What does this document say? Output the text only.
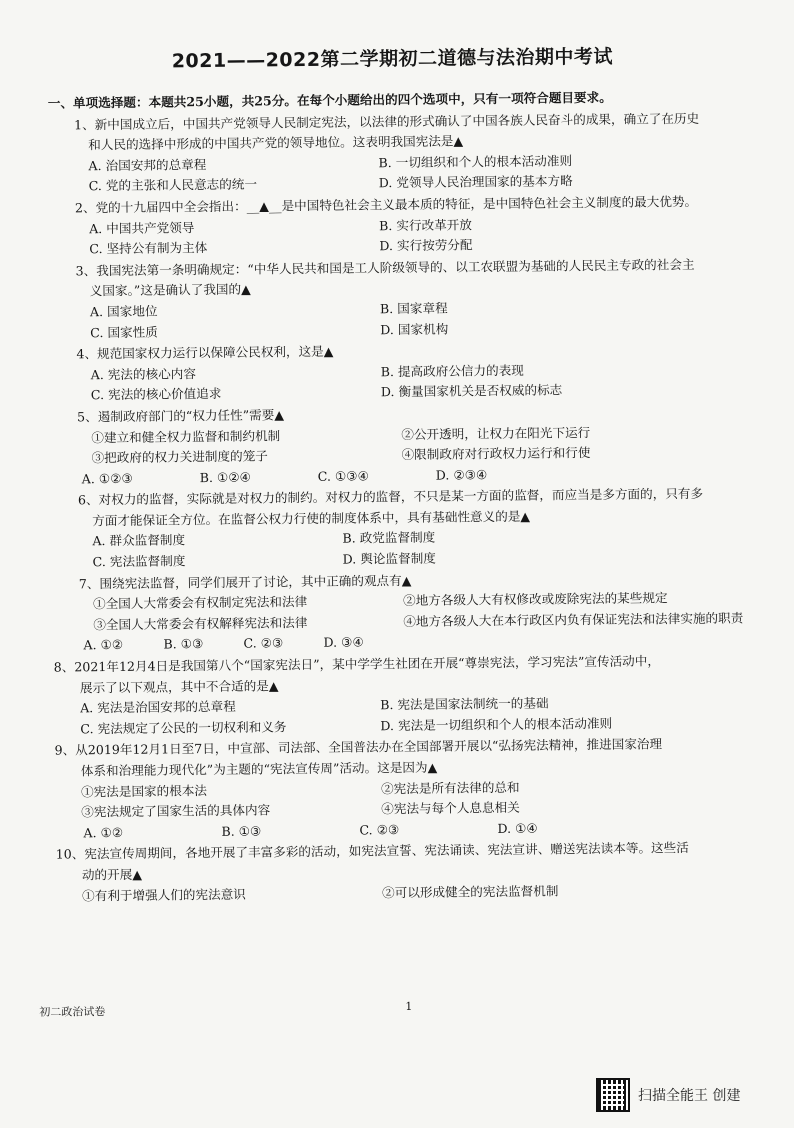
2021——2022第二学期初二道德与法治期中考试
一、单项选择题：本题共25小题，共25分。在每个小题给出的四个选项中，只有一项符合题目要求。
1、新中国成立后，中国共产党领导人民制定宪法，以法律的形式确认了中国各族人民奋斗的成果，确立了在历史
和人民的选择中形成的中国共产党的领导地位。这表明我国宪法是▲
A. 治国安邦的总章程	B. 一切组织和个人的根本活动准则
C. 党的主张和人民意志的统一	D. 党领导人民治理国家的基本方略
2、党的十九届四中全会指出：__▲__是中国特色社会主义最本质的特征，是中国特色社会主义制度的最大优势。
A. 中国共产党领导	B. 实行改革开放
C. 坚持公有制为主体	D. 实行按劳分配
3、我国宪法第一条明确规定：“中华人民共和国是工人阶级领导的、以工农联盟为基础的人民民主专政的社会主
义国家。”这是确认了我国的▲
A. 国家地位	B. 国家章程
C. 国家性质	D. 国家机构
4、规范国家权力运行以保障公民权利，这是▲
A. 宪法的核心内容	B. 提高政府公信力的表现
C. 宪法的核心价值追求	D. 衡量国家机关是否权威的标志
5、遏制政府部门的“权力任性”需要▲
①建立和健全权力监督和制约机制	②公开透明，让权力在阳光下运行
③把政府的权力关进制度的笼子	④限制政府对行政权力运行和行使
A. ①②③	B. ①②④	C. ①③④	D. ②③④
6、对权力的监督，实际就是对权力的制约。对权力的监督，不只是某一方面的监督，而应当是多方面的，只有多
方面才能保证全方位。在监督公权力行使的制度体系中，具有基础性意义的是▲
A. 群众监督制度	B. 政党监督制度
C. 宪法监督制度	D. 舆论监督制度
7、围绕宪法监督，同学们展开了讨论，其中正确的观点有▲
①全国人大常委会有权制定宪法和法律	②地方各级人大有权修改或废除宪法的某些规定
③全国人大常委会有权解释宪法和法律	④地方各级人大在本行政区内负有保证宪法和法律实施的职责
A. ①②	B. ①③	C. ②③	D. ③④
8、2021年12月4日是我国第八个“国家宪法日”，某中学学生社团在开展“尊崇宪法，学习宪法”宣传活动中，
展示了以下观点，其中不合适的是▲
A. 宪法是治国安邦的总章程	B. 宪法是国家法制统一的基础
C. 宪法规定了公民的一切权利和义务	D. 宪法是一切组织和个人的根本活动准则
9、从2019年12月1日至7日，中宣部、司法部、全国普法办在全国部署开展以“弘扬宪法精神，推进国家治理
体系和治理能力现代化”为主题的“宪法宣传周”活动。这是因为▲
①宪法是国家的根本法	②宪法是所有法律的总和
③宪法规定了国家生活的具体内容	④宪法与每个人息息相关
A. ①②	B. ①③	C. ②③	D. ①④
10、宪法宣传周期间，各地开展了丰富多彩的活动，如宪法宣誓、宪法诵读、宪法宣讲、赠送宪法读本等。这些活
动的开展▲
①有利于增强人们的宪法意识	②可以形成健全的宪法监督机制
初二政治试卷	1
扫描全能王 创建
